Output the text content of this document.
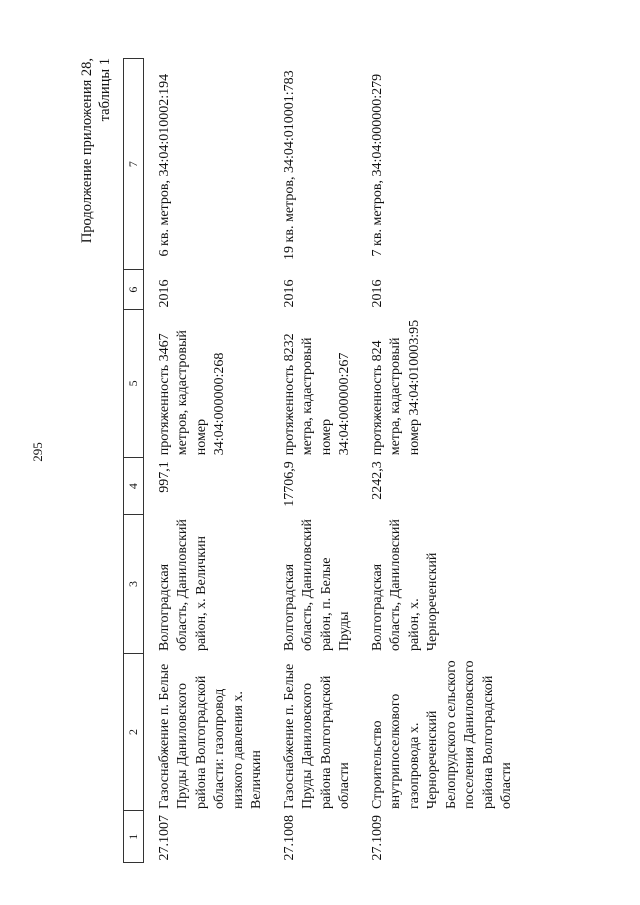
295
Продолжение приложения 28, таблицы 1
1	2	3	4	5	6	7
27.1007	Газоснабжение п. Белые Пруды Даниловского района Волгоградской области: газопровод низкого давления х. Величкин	Волгоградская область, Даниловский район, х. Величкин	997,1	протяженность 3467 метров, кадастровый номер 34:04:000000:268	2016	6 кв. метров, 34:04:010002:194
27.1008	Газоснабжение п. Белые Пруды Даниловского района Волгоградской области	Волгоградская область, Даниловский район, п. Белые Пруды	17706,9	протяженность 8232 метра, кадастровый номер 34:04:000000:267	2016	19 кв. метров, 34:04:010001:783
27.1009	Строительство внутрипоселкового газопровода х. Чернореченский Белопрудского сельского поселения Даниловского района Волгоградской области	Волгоградская область, Даниловский район, х. Чернореченский	2242,3	протяженность 824 метра, кадастровый номер 34:04:010003:95	2016	7 кв. метров, 34:04:000000:279
